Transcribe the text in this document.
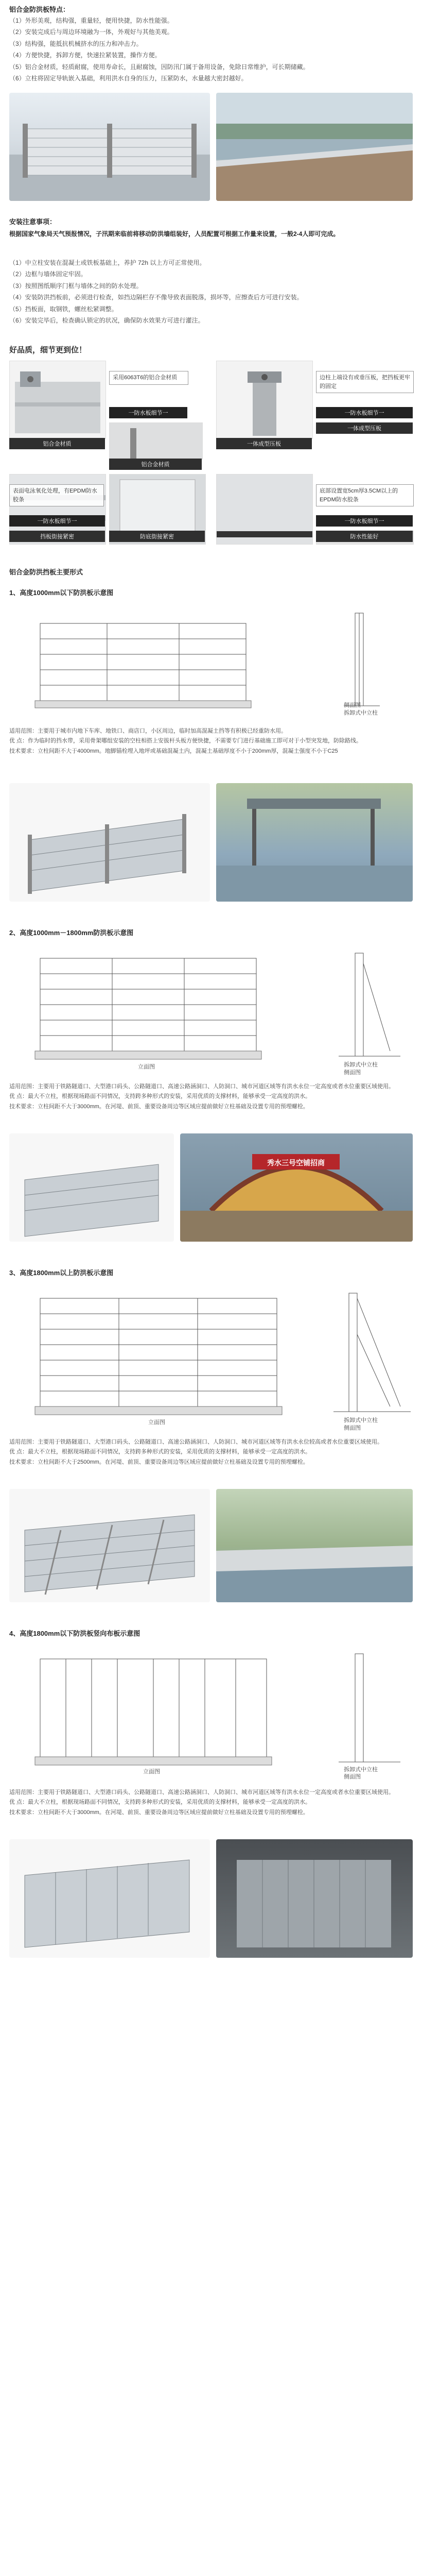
铝合金防洪板特点：

（1）外形美观，结构强，重量轻，便用快捷，防水性能强。

（2）安装完成后与周边环境融为一体，外观好与其他美观。

（3）结构强，能抵抗机械挤水的压力和冲击力。

（4）方便快捷，拆卸方便，快速拉紧装置，操作方便。

（5）铝合金材质，轻质耐腐，使用寿命长，且耐腐蚀，因防汛门属于备用设备，免除日常维护，可长期储藏。

（6）立柱将固定导轨嵌入基础，利用洪水自身的压力，压紧防水，水量越大密封越好。

安装注意事项：
根据国家气象局天气预报情况，子汛期来临前将移动防洪墙组装好，人员配置可根据工作量来设置，一般2-4人即可完成。

（1）中立柱安装在混凝土或铁板基础上，养护 72h 以上方可正常使用。

（2）边框与墙体固定牢固。

（3）按照图纸顺序门框与墙体之间的防水处理。

（4）安装防洪挡板前，必须进行检查，如挡边隔栏存不像导致表面脱落，损坏等，应擦查后方可进行安装。

（5）挡板面，取钢铁，螺丝松紧调整。

（6）安装完毕后，检查确认锁定的状况，确保防水效果方可进行灌注。

好品质，细节更到位！
采用6063T6的铝合金材质
铝合金材质
一防水板细节一
铝合金材质
边柱上端设有或垂压板，把挡板更牢的固定
一防水板细节一
一体成型压板
一体成型压板
表面电泳氧化处理，有EPDM防水胶条
一防水板细节一
挡板街接紧密	防底街接紧密
底部设置宽5cm厚3.5CM以上的EPDM防水胶条
一防水板细节一
防水性能好
铝合金防洪挡板主要形式
1、高度1000mm以下防洪板示意图
拆卸式中立柱
侧面图
适用范围：主要用于城市内地下车库、地铁口、商店口，小区周边，临时加高混凝土挡等有积极已经重防水用。
优 点：作为临时的挡水带，采用骨架哪组安装的空柱相搭上安拔杆头板方便快捷，不需要专门进行基础施工即可对于小型突发地，防除路线。
技术要求：立柱间距不大于4000mm。地脚锚栓埋入地坪或基础混凝土内，混凝土基础厚度不小于200mm厚，混凝土强度不小于C25
2、高度1000mm－1800mm防洪板示意图
立面图	拆卸式中立柱
侧面图
适用范围：主要用于铁路隧道口、大型港口码头、公路隧道口、高速公路涵洞口、人防洞口、城市河道区域等有洪水永位一定高度或者水位重要区域使用。
优 点：最大不立柱，根据现场路面不同情况，支持跨多种形式的安装，采用优质的支撑材料，能够承受一定高度的洪水。
技术要求：立柱间距不大于3000mm。在河堤、前顶、重要设备周边等区域应提前做好立柱基础及设置专用的预埋螺栓。
秀水三号空铺招商
3、高度1800mm以上防洪板示意图
立面图	拆卸式中立柱
侧面图
适用范围：主要用于铁路隧道口、大型港口码头、公路隧道口、高速公路涵洞口、人防洞口、城市河道区域等有洪水永位较高或者水位重要区域使用。
优 点：最大不立柱，根据现场路面不同情况，支持跨多种形式的安装，采用优质的支撑材料，能够承受一定高度的洪水。
技术要求：立柱间距不大于2500mm。在河堤、前顶、重要设备周边等区域应提前做好立柱基础及设置专用的预埋螺栓。
4、高度1800mm以下防洪板竖向布板示意图
立面图	拆卸式中立柱
侧面图
适用范围：主要用于铁路隧道口、大型港口码头、公路隧道口、高速公路涵洞口、人防洞口、城市河道区域等有洪水永位一定高度或者水位重要区域使用。
优 点：最大不立柱，根据现场路面不同情况，支持跨多种形式的安装，采用优质的支撑材料，能够承受一定高度的洪水。
技术要求：立柱间距不大于3000mm。在河堤、前顶、重要设备周边等区域应提前做好立柱基础及设置专用的预埋螺栓。
